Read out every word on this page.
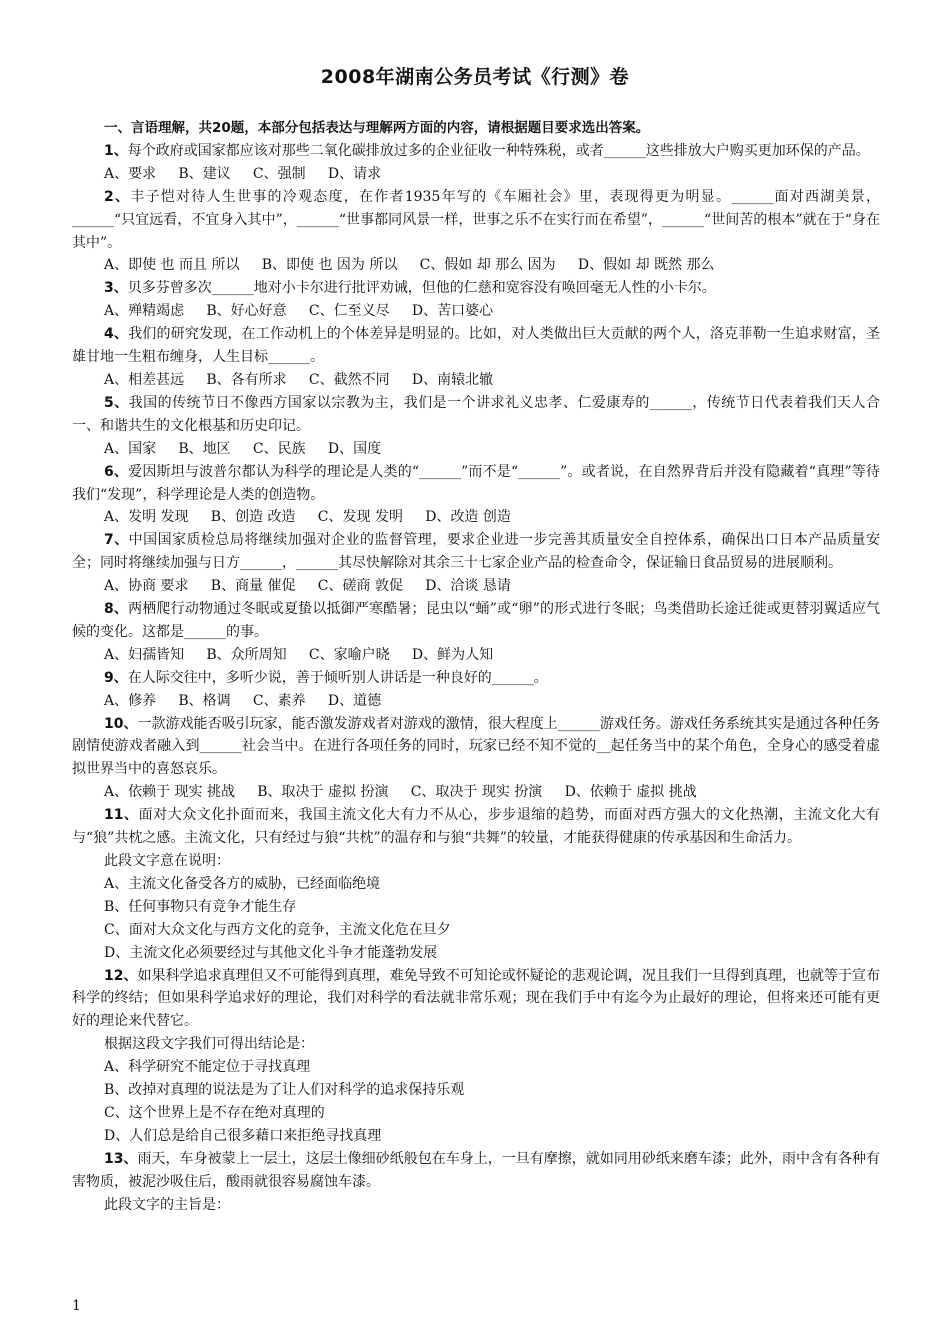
2008年湖南公务员考试《行测》卷

一、言语理解，共20题，本部分包括表达与理解两方面的内容，请根据题目要求选出答案。

1、每个政府或国家都应该对那些二氧化碳排放过多的企业征收一种特殊税，或者______这些排放大户购买更加环保的产品。

A、要求     B、建议     C、强制     D、请求

2、丰子恺对待人生世事的冷观态度，在作者1935年写的《车厢社会》里，表现得更为明显。______面对西湖美景，______“只宜远看，不宜身入其中”，______“世事都同风景一样，世事之乐不在实行而在希望”，______“世间苦的根本”就在于“身在其中”。

A、即使 也 而且 所以     B、即使 也 因为 所以     C、假如 却 那么 因为     D、假如 却 既然 那么

3、贝多芬曾多次______地对小卡尔进行批评劝诫，但他的仁慈和宽容没有唤回毫无人性的小卡尔。

A、殚精竭虑     B、好心好意     C、仁至义尽     D、苦口婆心

4、我们的研究发现，在工作动机上的个体差异是明显的。比如，对人类做出巨大贡献的两个人，洛克菲勒一生追求财富，圣雄甘地一生粗布缠身，人生目标______。

A、相差甚远     B、各有所求     C、截然不同     D、南辕北辙

5、我国的传统节日不像西方国家以宗教为主，我们是一个讲求礼义忠孝、仁爱康寿的______，传统节日代表着我们天人合一、和谐共生的文化根基和历史印记。

A、国家     B、地区     C、民族     D、国度

6、爱因斯坦与波普尔都认为科学的理论是人类的“______”而不是“______”。或者说，在自然界背后并没有隐藏着“真理”等待我们“发现”，科学理论是人类的创造物。

A、发明 发现     B、创造 改造     C、发现 发明     D、改造 创造

7、中国国家质检总局将继续加强对企业的监督管理，要求企业进一步完善其质量安全自控体系，确保出口日本产品质量安全；同时将继续加强与日方______，______其尽快解除对其余三十七家企业产品的检查命令，保证输日食品贸易的进展顺利。

A、协商 要求     B、商量 催促     C、磋商 敦促     D、洽谈 恳请

8、两栖爬行动物通过冬眠或夏蛰以抵御严寒酷暑；昆虫以“蛹”或“卵”的形式进行冬眠；鸟类借助长途迁徙或更替羽翼适应气候的变化。这都是______的事。

A、妇孺皆知     B、众所周知     C、家喻户晓     D、鲜为人知

9、在人际交往中，多听少说，善于倾听别人讲话是一种良好的______。

A、修养     B、格调     C、素养     D、道德

10、一款游戏能否吸引玩家，能否激发游戏者对游戏的激情，很大程度上______游戏任务。游戏任务系统其实是通过各种任务剧情使游戏者融入到______社会当中。在进行各项任务的同时，玩家已经不知不觉的__起任务当中的某个角色，全身心的感受着虚拟世界当中的喜怒哀乐。

A、依赖于 现实 挑战     B、取决于 虚拟 扮演     C、取决于 现实 扮演     D、依赖于 虚拟 挑战

11、面对大众文化扑面而来，我国主流文化大有力不从心，步步退缩的趋势，而面对西方强大的文化热潮，主流文化大有与“狼”共枕之感。主流文化，只有经过与狼“共枕”的温存和与狼“共舞”的较量，才能获得健康的传承基因和生命活力。

此段文字意在说明：

A、主流文化备受各方的威胁，已经面临绝境

B、任何事物只有竞争才能生存

C、面对大众文化与西方文化的竞争，主流文化危在旦夕

D、主流文化必须要经过与其他文化斗争才能蓬勃发展

12、如果科学追求真理但又不可能得到真理，难免导致不可知论或怀疑论的悲观论调，况且我们一旦得到真理，也就等于宣布科学的终结；但如果科学追求好的理论，我们对科学的看法就非常乐观；现在我们手中有迄今为止最好的理论，但将来还可能有更好的理论来代替它。

根据这段文字我们可得出结论是：

A、科学研究不能定位于寻找真理

B、改掉对真理的说法是为了让人们对科学的追求保持乐观

C、这个世界上是不存在绝对真理的

D、人们总是给自己很多藉口来拒绝寻找真理

13、雨天，车身被蒙上一层土，这层土像细砂纸般包在车身上，一旦有摩擦，就如同用砂纸来磨车漆；此外，雨中含有各种有害物质，被泥沙吸住后，酸雨就很容易腐蚀车漆。

此段文字的主旨是：

1
